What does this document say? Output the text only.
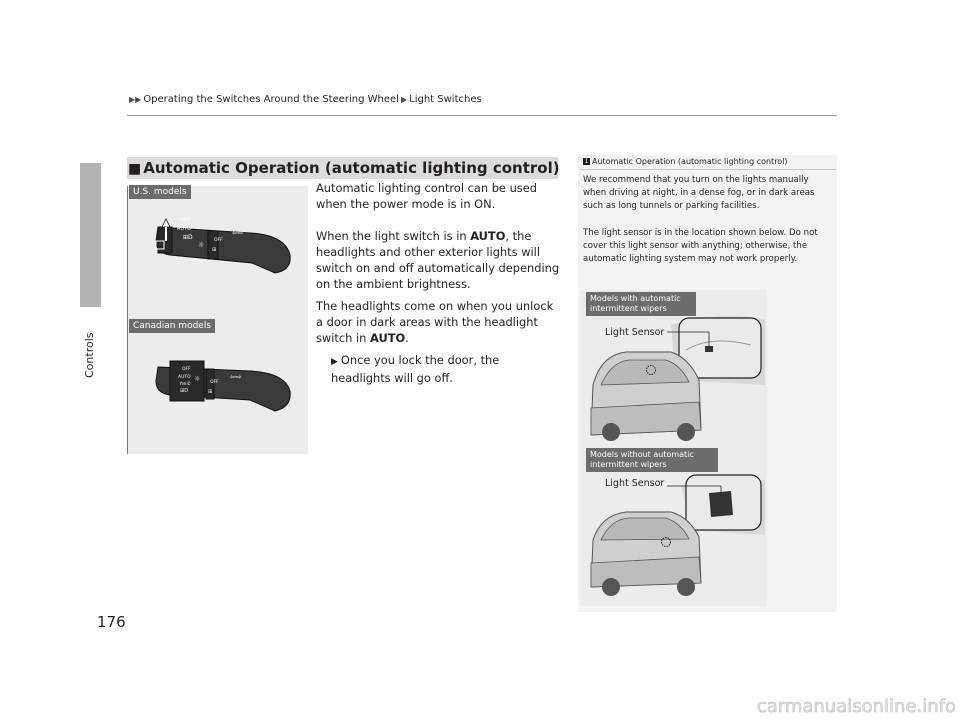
▶▶ Operating the Switches Around the Steering Wheel ▶ Light Switches
Controls
176
■ Automatic Operation (automatic lighting control)
U.S. models
Canadian models
ℏ≡©
AUTO
⊞D
☼
OFF
⊞
⇦⇨
OFF
AUTO
ℏ≡©
⊞D
☼ OFF
⊞
⇦⇨
Automatic lighting control can be used when the power mode is in ON.
When the light switch is in AUTO, the headlights and other exterior lights will switch on and off automatically depending on the ambient brightness.
The headlights come on when you unlock a door in dark areas with the headlight switch in AUTO.
▶ Once you lock the door, the headlights will go off.
1 Automatic Operation (automatic lighting control)
We recommend that you turn on the lights manually when driving at night, in a dense fog, or in dark areas such as long tunnels or parking facilities.
The light sensor is in the location shown below. Do not cover this light sensor with anything; otherwise, the automatic lighting system may not work properly.
Models with automatic intermittent wipers
Models without automatic intermittent wipers
Light Sensor
Light Sensor
carmanualsonline.info
